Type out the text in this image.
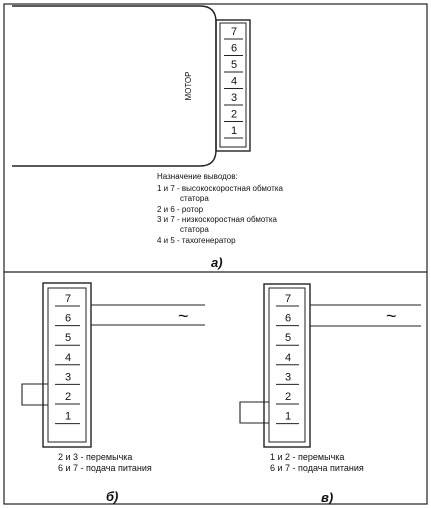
МОТОР
7
6
5
4
3
2
1
Назначение выводов:
1 и 7 - высокоскоростная обмотка
статора
2 и 6 - ротор
3 и 7 - низкоскоростная обмотка
статора
4 и 5 - тахогенератор
а)
7
6
5
4
3
2
1
~
2 и 3 - перемычка
6 и 7 - подача питания
б)
7
6
5
4
3
2
1
~
1 и 2 - перемычка
6 и 7 - подача питания
в)
